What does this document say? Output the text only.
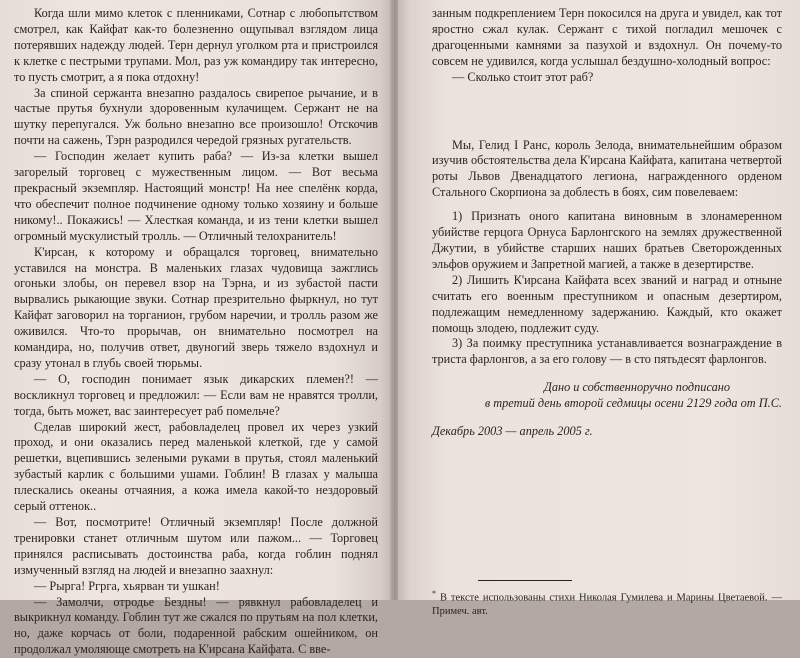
Когда шли мимо клеток с пленниками, Сотнар с любопытством смотрел, как Кайфат как-то болезненно ощупывал взглядом лица потерявших надежду людей. Терн дернул уголком рта и пристроился к клетке с пестрыми трупами. Мол, раз уж командиру так интересно, то пусть смотрит, а я пока отдохну!

За спиной сержанта внезапно раздалось свирепое рычание, и в частые прутья бухнули здоровенным кулачищем. Сержант не на шутку перепугался. Уж больно внезапно все произошло! Отскочив почти на сажень, Тэрн разродился чередой грязных ругательств.

— Господин желает купить раба? — Из-за клетки вышел загорелый торговец с мужественным лицом. — Вот весьма прекрасный экземпляр. Настоящий монстр! На нее спелёнк корда, что обеспечит полное подчинение одному только хозяину и больше никому!.. Покажись! — Хлесткая команда, и из тени клетки вышел огромный мускулистый тролль. — Отличный телохранитель!

К'ирсан, к которому и обращался торговец, внимательно уставился на монстра. В маленьких глазах чудовища зажглись огоньки злобы, он перевел взор на Тэрна, и из зубастой пасти вырвались рыкающие звуки. Сотнар презрительно фыркнул, но тут Кайфат заговорил на торганион, грубом наречии, и тролль разом же оживился. Что-то прорычав, он внимательно посмотрел на командира, но, получив ответ, двуногий зверь тяжело вздохнул и сразу утонал в глубь своей тюрьмы.

— О, господин понимает язык дикарских племен?! — воскликнул торговец и предложил: — Если вам не нравятся тролли, тогда, быть может, вас заинтересует раб помельче?

Сделав широкий жест, рабовладелец провел их через узкий проход, и они оказались перед маленькой клеткой, где у самой решетки, вцепившись зелеными руками в прутья, стоял маленький зубастый карлик с большими ушами. Гоблин! В глазах у малыша плескались океаны отчаяния, а кожа имела какой-то нездоровый серый оттенок..

— Вот, посмотрите! Отличный экземпляр! После должной тренировки станет отличным шутом или пажом... — Торговец принялся расписывать достоинства раба, когда гоблин поднял измученный взгляд на людей и внезапно заахнул:

— Рырга! Ргрга, хьярван ти ушкан!

— Замолчи, отродье Бездны! — рявкнул рабовладелец и выкрикнул команду. Гоблин тут же сжался по прутьям на пол клетки, но, даже корчась от боли, подаренной рабским ошейником, он продолжал умоляюще смотреть на К'ирсана Кайфата. С вве-

занным подкреплением Терн покосился на друга и увидел, как тот яростно сжал кулак. Сержант с тихой погладил мешочек с драгоценными камнями за пазухой и вздохнул. Он почему-то совсем не удивился, когда услышал бездушно-холодный вопрос:

— Сколько стоит этот раб?

Мы, Гелид I Ранс, король Зелода, внимательнейшим образом изучив обстоятельства дела К'ирсана Кайфата, капитана четвертой роты Львов Двенадцатого легиона, награжденного орденом Стального Скорпиона за доблесть в боях, сим повелеваем:

1) Признать оного капитана виновным в злонамеренном убийстве герцога Орнуса Барлонгского на землях дружественной Джутии, в убийстве старших наших братьев Светорожденных эльфов оружием и Запретной магией, а также в дезертирстве.

2) Лишить К'ирсана Кайфата всех званий и наград и отныне считать его военным преступником и опасным дезертиром, подлежащим немедленному задержанию. Каждый, кто окажет помощь злодею, подлежит суду.

3) За поимку преступника устанавливается вознаграждение в триста фарлонгов, а за его голову — в сто пятьдесят фарлонгов.

Дано и собственноручно подписано

в третий день второй седмицы осени 2129 года от П.С.

Декабрь 2003 — апрель 2005 г.

* В тексте использованы стихи Николая Гумилева и Марины Цветаевой. — Примеч. авт.
